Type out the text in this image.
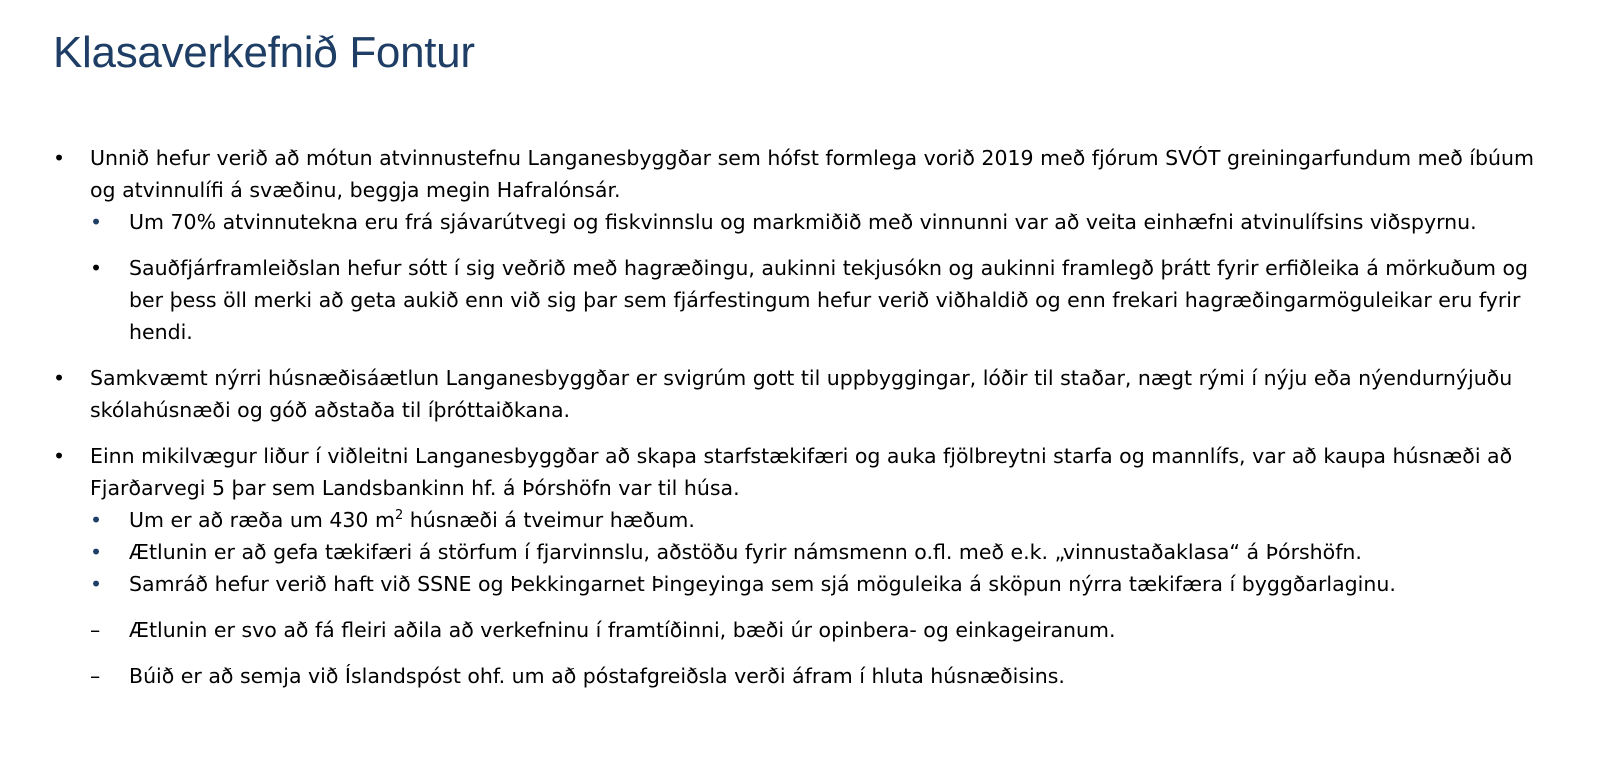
Klasaverkefnið Fontur
•	Unnið hefur verið að mótun atvinnustefnu Langanesbyggðar sem hófst formlega vorið 2019 með fjórum SVÓT greiningarfundum með íbúum og atvinnulífi á svæðinu, beggja megin Hafralónsár.
•	Um 70% atvinnutekna eru frá sjávarútvegi og fiskvinnslu og markmiðið með vinnunni var að veita einhæfni atvinulífsins viðspyrnu.
•	Sauðfjárframleiðslan hefur sótt í sig veðrið með hagræðingu, aukinni tekjusókn og aukinni framlegð þrátt fyrir erfiðleika á mörkuðum og ber þess öll merki að geta aukið enn við sig þar sem fjárfestingum hefur verið viðhaldið og enn frekari hagræðingarmöguleikar eru fyrir hendi.
•	Samkvæmt nýrri húsnæðisáætlun Langanesbyggðar er svigrúm gott til uppbyggingar, lóðir til staðar, nægt rými í nýju eða nýendurnýjuðu skólahúsnæði og góð aðstaða til íþróttaiðkana.
•	Einn mikilvægur liður í viðleitni Langanesbyggðar að skapa starfstækifæri og auka fjölbreytni starfa og mannlífs, var að kaupa húsnæði að Fjarðarvegi 5 þar sem Landsbankinn hf. á Þórshöfn var til húsa.
•	Um er að ræða um 430 $m^2$ húsnæði á tveimur hæðum.
•	Ætlunin er að gefa tækifæri á störfum í fjarvinnslu, aðstöðu fyrir námsmenn o.fl. með e.k. „vinnustaðaklasa“ á Þórshöfn.
•	Samráð hefur verið haft við SSNE og Þekkingarnet Þingeyinga sem sjá möguleika á sköpun nýrra tækifæra í byggðarlaginu.
–	Ætlunin er svo að fá fleiri aðila að verkefninu í framtíðinni, bæði úr opinbera- og einkageiranum.
–	Búið er að semja við Íslandspóst ohf. um að póstafgreiðsla verði áfram í hluta húsnæðisins.
